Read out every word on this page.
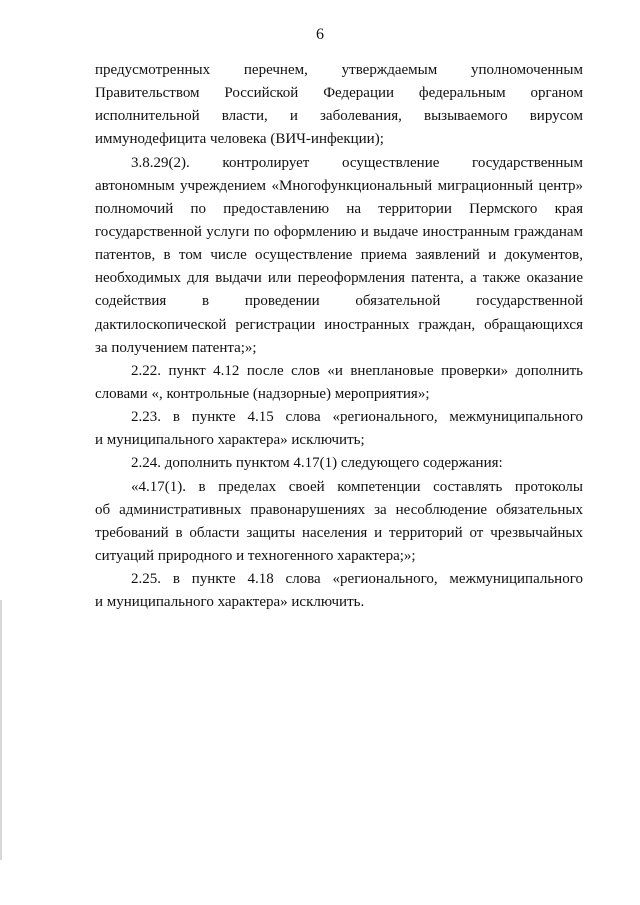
6
предусмотренных перечнем, утверждаемым уполномоченным
Правительством Российской Федерации федеральным органом
исполнительной власти, и заболевания, вызываемого вирусом
иммунодефицита человека (ВИЧ-инфекции);
3.8.29(2). контролирует осуществление государственным
автономным учреждением «Многофункциональный миграционный центр»
полномочий по предоставлению на территории Пермского края
государственной услуги по оформлению и выдаче иностранным гражданам
патентов, в том числе осуществление приема заявлений и документов,
необходимых для выдачи или переоформления патента, а также оказание
содействия в проведении обязательной государственной
дактилоскопической регистрации иностранных граждан, обращающихся
за получением патента;»;
2.22. пункт 4.12 после слов «и внеплановые проверки» дополнить
словами «, контрольные (надзорные) мероприятия»;
2.23. в пункте 4.15 слова «регионального, межмуниципального
и муниципального характера» исключить;
2.24. дополнить пунктом 4.17(1) следующего содержания:
«4.17(1). в пределах своей компетенции составлять протоколы
об административных правонарушениях за несоблюдение обязательных
требований в области защиты населения и территорий от чрезвычайных
ситуаций природного и техногенного характера;»;
2.25. в пункте 4.18 слова «регионального, межмуниципального
и муниципального характера» исключить.
